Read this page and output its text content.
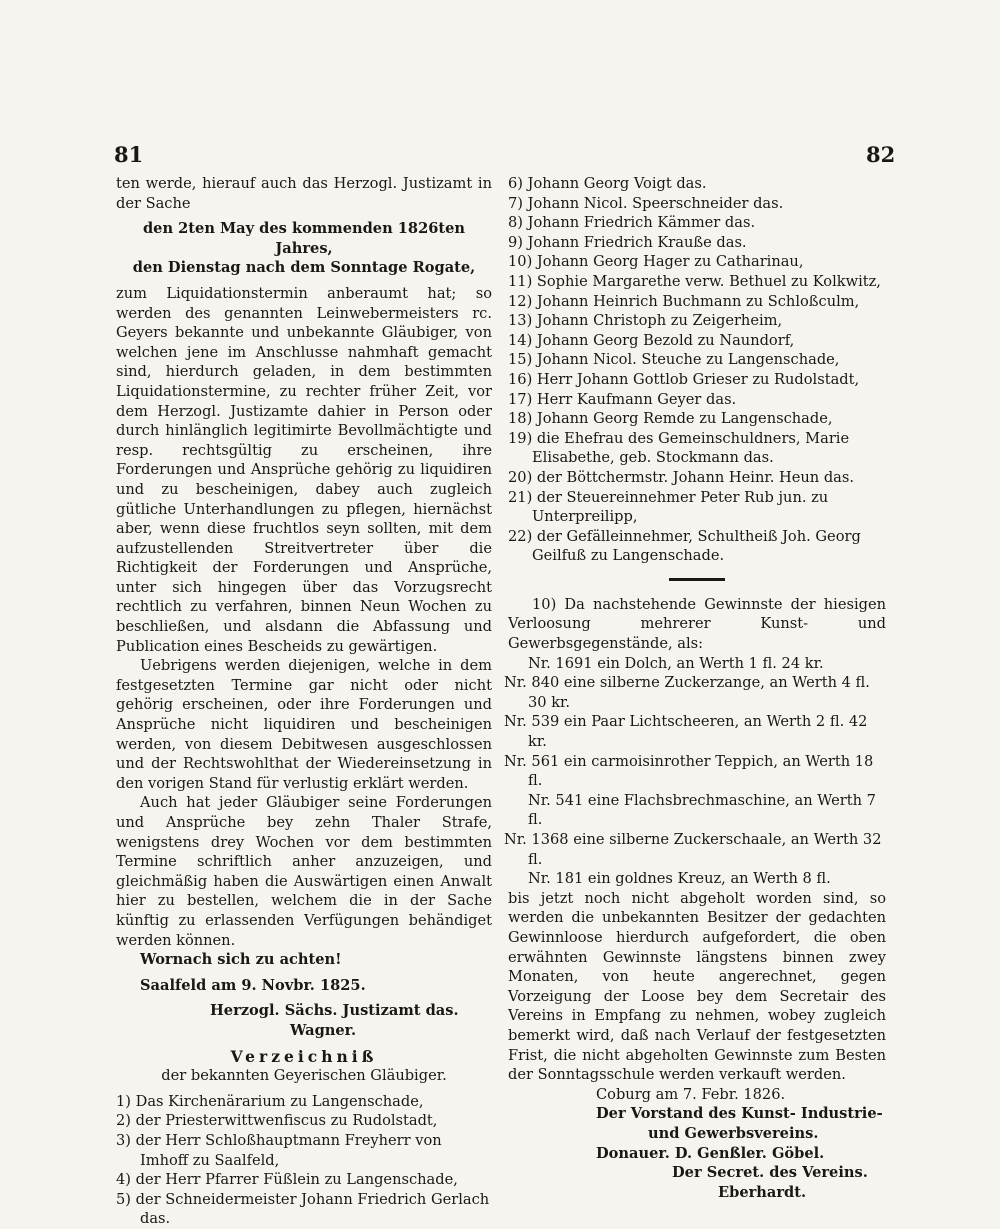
81	82

ten werde, hierauf auch das Herzogl. Justizamt in der Sache

den 2ten May des kommenden 1826ten Jahres,

den Dienstag nach dem Sonntage Rogate,

zum Liquidationstermin anberaumt hat; so werden des genannten Leinwebermeisters rc. Geyers bekannte und unbekannte Gläubiger, von welchen jene im Anschlusse nahmhaft gemacht sind, hierdurch geladen, in dem bestimmten Liquidationstermine, zu rechter früher Zeit, vor dem Herzogl. Justizamte dahier in Person oder durch hinlänglich legitimirte Bevollmächtigte und resp. rechtsgültig zu erscheinen, ihre Forderungen und Ansprüche gehörig zu liquidiren und zu bescheinigen, dabey auch zugleich gütliche Unterhandlungen zu pflegen, hiernächst aber, wenn diese fruchtlos seyn sollten, mit dem aufzustellenden Streitvertreter über die Richtigkeit der Forderungen und Ansprüche, unter sich hingegen über das Vorzugsrecht rechtlich zu verfahren, binnen Neun Wochen zu beschließen, und alsdann die Abfassung und Publication eines Bescheids zu gewärtigen.

Uebrigens werden diejenigen, welche in dem festgesetzten Termine gar nicht oder nicht gehörig erscheinen, oder ihre Forderungen und Ansprüche nicht liquidiren und bescheinigen werden, von diesem Debitwesen ausgeschlossen und der Rechtswohlthat der Wiedereinsetzung in den vorigen Stand für verlustig erklärt werden.

Auch hat jeder Gläubiger seine Forderungen und Ansprüche bey zehn Thaler Strafe, wenigstens drey Wochen vor dem bestimmten Termine schriftlich anher anzuzeigen, und gleichmäßig haben die Auswärtigen einen Anwalt hier zu bestellen, welchem die in der Sache künftig zu erlassenden Verfügungen behändiget werden können.

Wornach sich zu achten!

Saalfeld am 9. Novbr. 1825.

Herzogl. Sächs. Justizamt das.

Wagner.

Verzeichniß

der bekannten Geyerischen Gläubiger.

1) Das Kirchenärarium zu Langenschade,

2) der Priesterwittwenfiscus zu Rudolstadt,

3) der Herr Schloßhauptmann Freyherr von Imhoff zu Saalfeld,

4) der Herr Pfarrer Füßlein zu Langenschade,

5) der Schneidermeister Johann Friedrich Gerlach das.

6) Johann Georg Voigt das.

7) Johann Nicol. Speerschneider das.

8) Johann Friedrich Kämmer das.

9) Johann Friedrich Krauße das.

10) Johann Georg Hager zu Catharinau,

11) Sophie Margarethe verw. Bethuel zu Kolkwitz,

12) Johann Heinrich Buchmann zu Schloßculm,

13) Johann Christoph zu Zeigerheim,

14) Johann Georg Bezold zu Naundorf,

15) Johann Nicol. Steuche zu Langenschade,

16) Herr Johann Gottlob Grieser zu Rudolstadt,

17) Herr Kaufmann Geyer das.

18) Johann Georg Remde zu Langenschade,

19) die Ehefrau des Gemeinschuldners, Marie Elisabethe, geb. Stockmann das.

20) der Böttchermstr. Johann Heinr. Heun das.

21) der Steuereinnehmer Peter Rub jun. zu Unterpreilipp,

22) der Gefälleinnehmer, Schultheiß Joh. Georg Geilfuß zu Langenschade.

10) Da nachstehende Gewinnste der hiesigen Verloosung mehrerer Kunst- und Gewerbsgegenstände, als:

Nr. 1691 ein Dolch, an Werth 1 fl. 24 kr.

Nr. 840 eine silberne Zuckerzange, an Werth 4 fl. 30 kr.

Nr. 539 ein Paar Lichtscheeren, an Werth 2 fl. 42 kr.

Nr. 561 ein carmoisinrother Teppich, an Werth 18 fl.

Nr. 541 eine Flachsbrechmaschine, an Werth 7 fl.

Nr. 1368 eine silberne Zuckerschaale, an Werth 32 fl.

Nr. 181 ein goldnes Kreuz, an Werth 8 fl.

bis jetzt noch nicht abgeholt worden sind, so werden die unbekannten Besitzer der gedachten Gewinnloose hierdurch aufgefordert, die oben erwähnten Gewinnste längstens binnen zwey Monaten, von heute angerechnet, gegen Vorzeigung der Loose bey dem Secretair des Vereins in Empfang zu nehmen, wobey zugleich bemerkt wird, daß nach Verlauf der festgesetzten Frist, die nicht abgeholten Gewinnste zum Besten der Sonntagsschule werden verkauft werden.

Coburg am 7. Febr. 1826.

Der Vorstand des Kunst- Industrie-

und Gewerbsvereins.

Donauer. D. Genßler. Göbel.

Der Secret. des Vereins.

Eberhardt.
